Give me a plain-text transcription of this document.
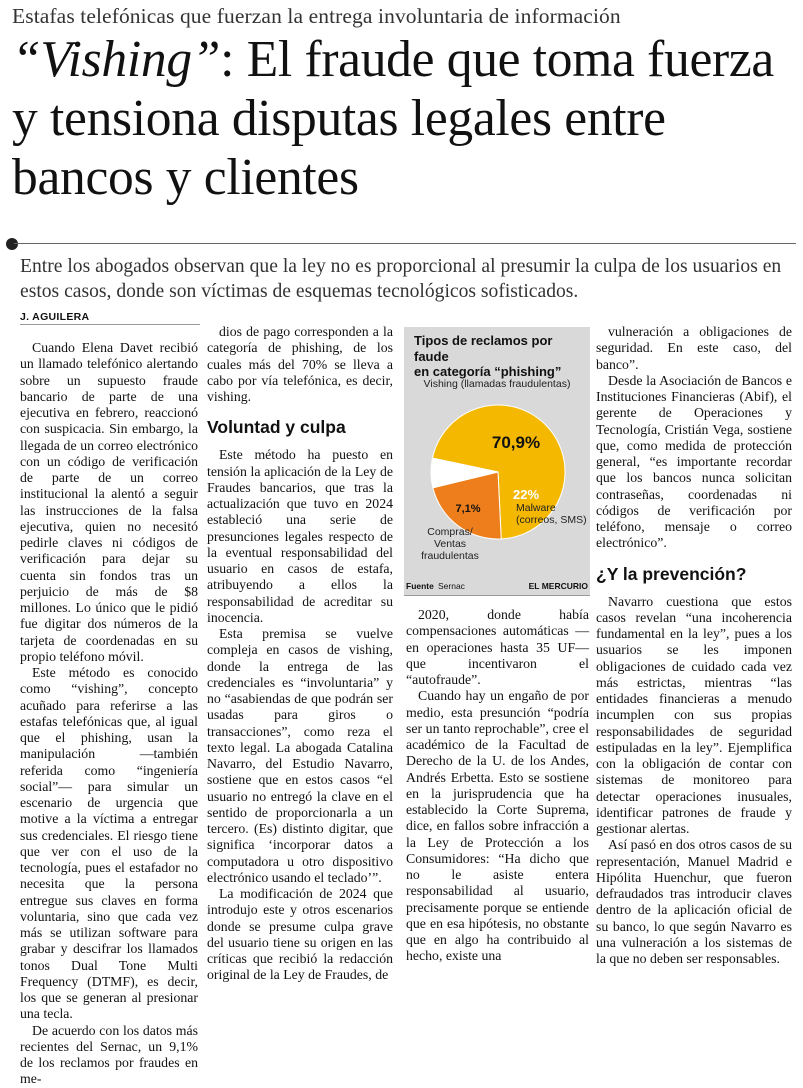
Estafas telefónicas que fuerzan la entrega involuntaria de información
“Vishing”: El fraude que toma fuerza y tensiona disputas legales entre bancos y clientes
Entre los abogados observan que la ley no es proporcional al presumir la culpa de los usuarios en estos casos, donde son víctimas de esquemas tecnológicos sofisticados.
J. AGUILERA

Cuando Elena Davet recibió un llamado telefónico alertando sobre un supuesto fraude bancario de parte de una ejecutiva en febrero, reaccionó con suspicacia. Sin embargo, la llegada de un correo electrónico con un código de verificación de parte de un correo institucional la alentó a seguir las instrucciones de la falsa ejecutiva, quien no necesitó pedirle claves ni códigos de verificación para dejar su cuenta sin fondos tras un perjuicio de más de $8 millones. Lo único que le pidió fue digitar dos números de la tarjeta de coordenadas en su propio teléfono móvil.

Este método es conocido como “vishing”, concepto acuñado para referirse a las estafas telefónicas que, al igual que el phishing, usan la manipulación —también referida como “ingeniería social”— para simular un escenario de urgencia que motive a la víctima a entregar sus credenciales. El riesgo tiene que ver con el uso de la tecnología, pues el estafador no necesita que la persona entregue sus claves en forma voluntaria, sino que cada vez más se utilizan software para grabar y descifrar los llamados tonos Dual Tone Multi Frequency (DTMF), es decir, los que se generan al presionar una tecla.

De acuerdo con los datos más recientes del Sernac, un 9,1% de los reclamos por fraudes en me-

dios de pago corresponden a la categoría de phishing, de los cuales más del 70% se lleva a cabo por vía telefónica, es decir, vishing.

Voluntad y culpa

Este método ha puesto en tensión la aplicación de la Ley de Fraudes bancarios, que tras la actualización que tuvo en 2024 estableció una serie de presunciones legales respecto de la eventual responsabilidad del usuario en casos de estafa, atribuyendo a ellos la responsabilidad de acreditar su inocencia.

Esta premisa se vuelve compleja en casos de vishing, donde la entrega de las credenciales es “involuntaria” y no “asabiendas de que podrán ser usadas para giros o transacciones”, como reza el texto legal. La abogada Catalina Navarro, del Estudio Navarro, sostiene que en estos casos “el usuario no entregó la clave en el sentido de proporcionarla a un tercero. (Es) distinto digitar, que significa ‘incorporar datos a computadora u otro dispositivo electrónico usando el teclado’”.

La modificación de 2024 que introdujo este y otros escenarios donde se presume culpa grave del usuario tiene su origen en las críticas que recibió la redacción original de la Ley de Fraudes, de

2020, donde había compensaciones automáticas —en operaciones hasta 35 UF— que incentivaron el “autofraude”.

Cuando hay un engaño de por medio, esta presunción “podría ser un tanto reprochable”, cree el académico de la Facultad de Derecho de la U. de los Andes, Andrés Erbetta. Esto se sostiene en la jurisprudencia que ha establecido la Corte Suprema, dice, en fallos sobre infracción a la Ley de Protección a los Consumidores: “Ha dicho que no le asiste entera responsabilidad al usuario, precisamente porque se entiende que en esa hipótesis, no obstante que en algo ha contribuido al hecho, existe una

vulneración a obligaciones de seguridad. En este caso, del banco”.

Desde la Asociación de Bancos e Instituciones Financieras (Abif), el gerente de Operaciones y Tecnología, Cristián Vega, sostiene que, como medida de protección general, “es importante recordar que los bancos nunca solicitan contraseñas, coordenadas ni códigos de verificación por teléfono, mensaje o correo electrónico”.

¿Y la prevención?

Navarro cuestiona que estos casos revelan “una incoherencia fundamental en la ley”, pues a los usuarios se les imponen obligaciones de cuidado cada vez más estrictas, mientras “las entidades financieras a menudo incumplen con sus propias responsabilidades de seguridad estipuladas en la ley”. Ejemplifica con la obligación de contar con sistemas de monitoreo para detectar operaciones inusuales, identificar patrones de fraude y gestionar alertas.

Así pasó en dos otros casos de su representación, Manuel Madrid e Hipólita Huenchur, que fueron defraudados tras introducir claves dentro de la aplicación oficial de su banco, lo que según Navarro es una vulneración a los sistemas de la que no deben ser responsables.

Tipos de reclamos por faude
en categoría “phishing”
70,9%
Vishing (llamadas fraudulentas)
22%
Malware
(correos, SMS)
7,1%
Compras/
Ventas
fraudulentas
Fuente Sernac	EL MERCURIO
